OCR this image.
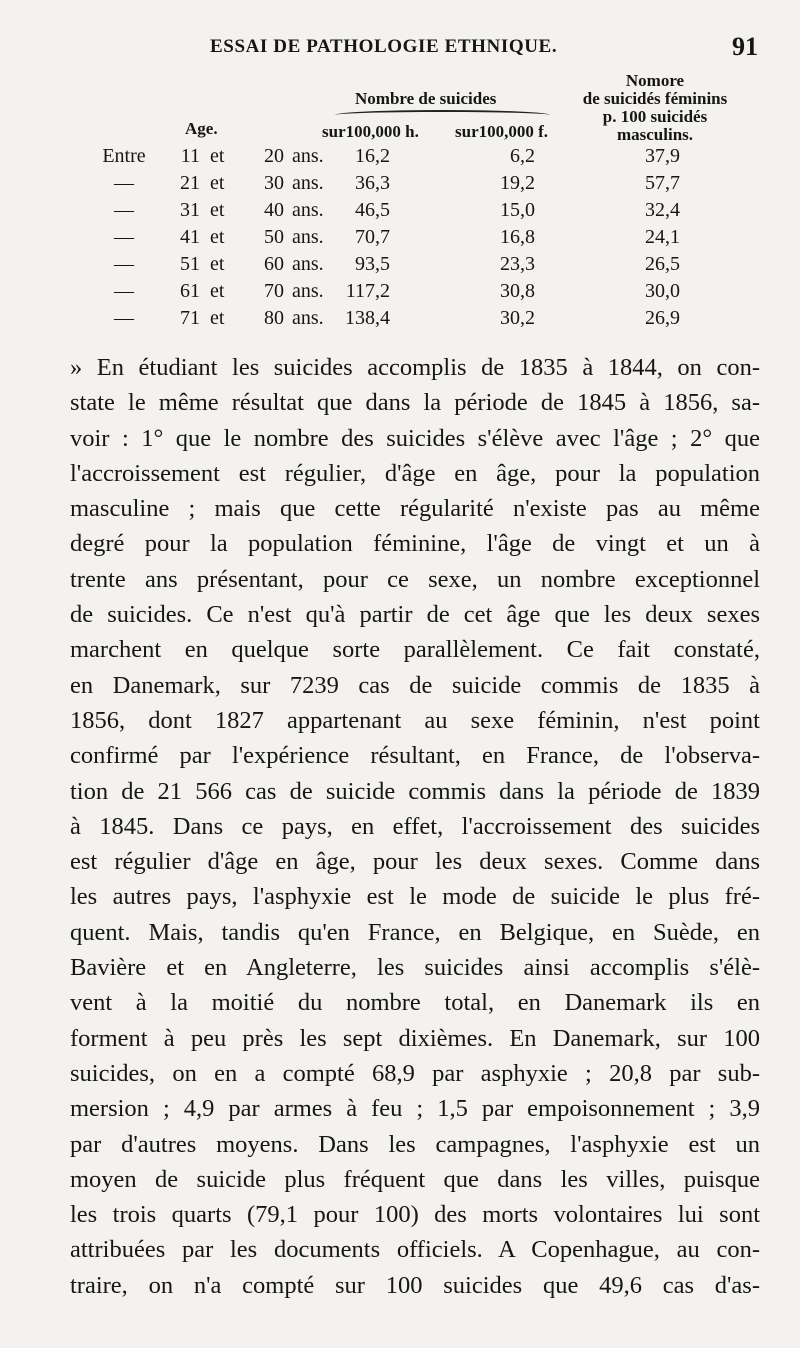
ESSAI DE PATHOLOGIE ETHNIQUE.	91
Age.
Nombre de suicides
sur100,000 h. sur100,000 f.
Nomore
de suicidés féminins
p. 100 suicidés
masculins.
Entre	11 et	20 ans.	16,2	6,2	37,9
—	21 et	30 ans.	36,3	19,2	57,7
—	31 et	40 ans.	46,5	15,0	32,4
—	41 et	50 ans.	70,7	16,8	24,1
—	51 et	60 ans.	93,5	23,3	26,5
—	61 et	70 ans.	117,2	30,8	30,0
—	71 et	80 ans.	138,4	30,2	26,9
» En étudiant les suicides accomplis de 1835 à 1844, on con-
state le même résultat que dans la période de 1845 à 1856, sa-
voir : 1° que le nombre des suicides s'élève avec l'âge ; 2° que
l'accroissement est régulier, d'âge en âge, pour la population
masculine ; mais que cette régularité n'existe pas au même
degré pour la population féminine, l'âge de vingt et un à
trente ans présentant, pour ce sexe, un nombre exceptionnel
de suicides. Ce n'est qu'à partir de cet âge que les deux sexes
marchent en quelque sorte parallèlement. Ce fait constaté,
en Danemark, sur 7239 cas de suicide commis de 1835 à
1856, dont 1827 appartenant au sexe féminin, n'est point
confirmé par l'expérience résultant, en France, de l'observa-
tion de 21 566 cas de suicide commis dans la période de 1839
à 1845. Dans ce pays, en effet, l'accroissement des suicides
est régulier d'âge en âge, pour les deux sexes. Comme dans
les autres pays, l'asphyxie est le mode de suicide le plus fré-
quent. Mais, tandis qu'en France, en Belgique, en Suède, en
Bavière et en Angleterre, les suicides ainsi accomplis s'élè-
vent à la moitié du nombre total, en Danemark ils en
forment à peu près les sept dixièmes. En Danemark, sur 100
suicides, on en a compté 68,9 par asphyxie ; 20,8 par sub-
mersion ; 4,9 par armes à feu ; 1,5 par empoisonnement ; 3,9
par d'autres moyens. Dans les campagnes, l'asphyxie est un
moyen de suicide plus fréquent que dans les villes, puisque
les trois quarts (79,1 pour 100) des morts volontaires lui sont
attribuées par les documents officiels. A Copenhague, au con-
traire, on n'a compté sur 100 suicides que 49,6 cas d'as-
